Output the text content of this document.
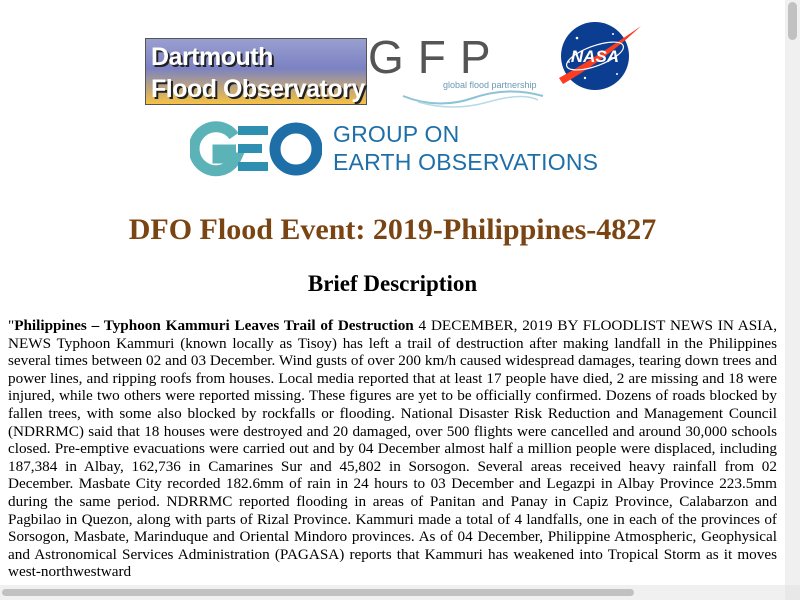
Dartmouth
Flood Observatory
GFP
global flood partnership
NASA
GROUP ON
EARTH OBSERVATIONS
DFO Flood Event: 2019-Philippines-4827
Brief Description

"Philippines – Typhoon Kammuri Leaves Trail of Destruction 4 DECEMBER, 2019 BY FLOODLIST NEWS IN ASIA, NEWS Typhoon Kammuri (known locally as Tisoy) has left a trail of destruction after making landfall in the Philippines several times between 02 and 03 December. Wind gusts of over 200 km/h caused widespread damages, tearing down trees and power lines, and ripping roofs from houses. Local media reported that at least 17 people have died, 2 are missing and 18 were injured, while two others were reported missing. These figures are yet to be officially confirmed. Dozens of roads blocked by fallen trees, with some also blocked by rockfalls or flooding. National Disaster Risk Reduction and Management Council (NDRRMC) said that 18 houses were destroyed and 20 damaged, over 500 flights were cancelled and around 30,000 schools closed. Pre-emptive evacuations were carried out and by 04 December almost half a million people were displaced, including 187,384 in Albay, 162,736 in Camarines Sur and 45,802 in Sorsogon. Several areas received heavy rainfall from 02 December. Masbate City recorded 182.6mm of rain in 24 hours to 03 December and Legazpi in Albay Province 223.5mm during the same period. NDRRMC reported flooding in areas of Panitan and Panay in Capiz Province, Calabarzon and Pagbilao in Quezon, along with parts of Rizal Province. Kammuri made a total of 4 landfalls, one in each of the provinces of Sorsogon, Masbate, Marinduque and Oriental Mindoro provinces. As of 04 December, Philippine Atmospheric, Geophysical and Astronomical Services Administration (PAGASA) reports that Kammuri has weakened into Tropical Storm as it moves west-northwestward
